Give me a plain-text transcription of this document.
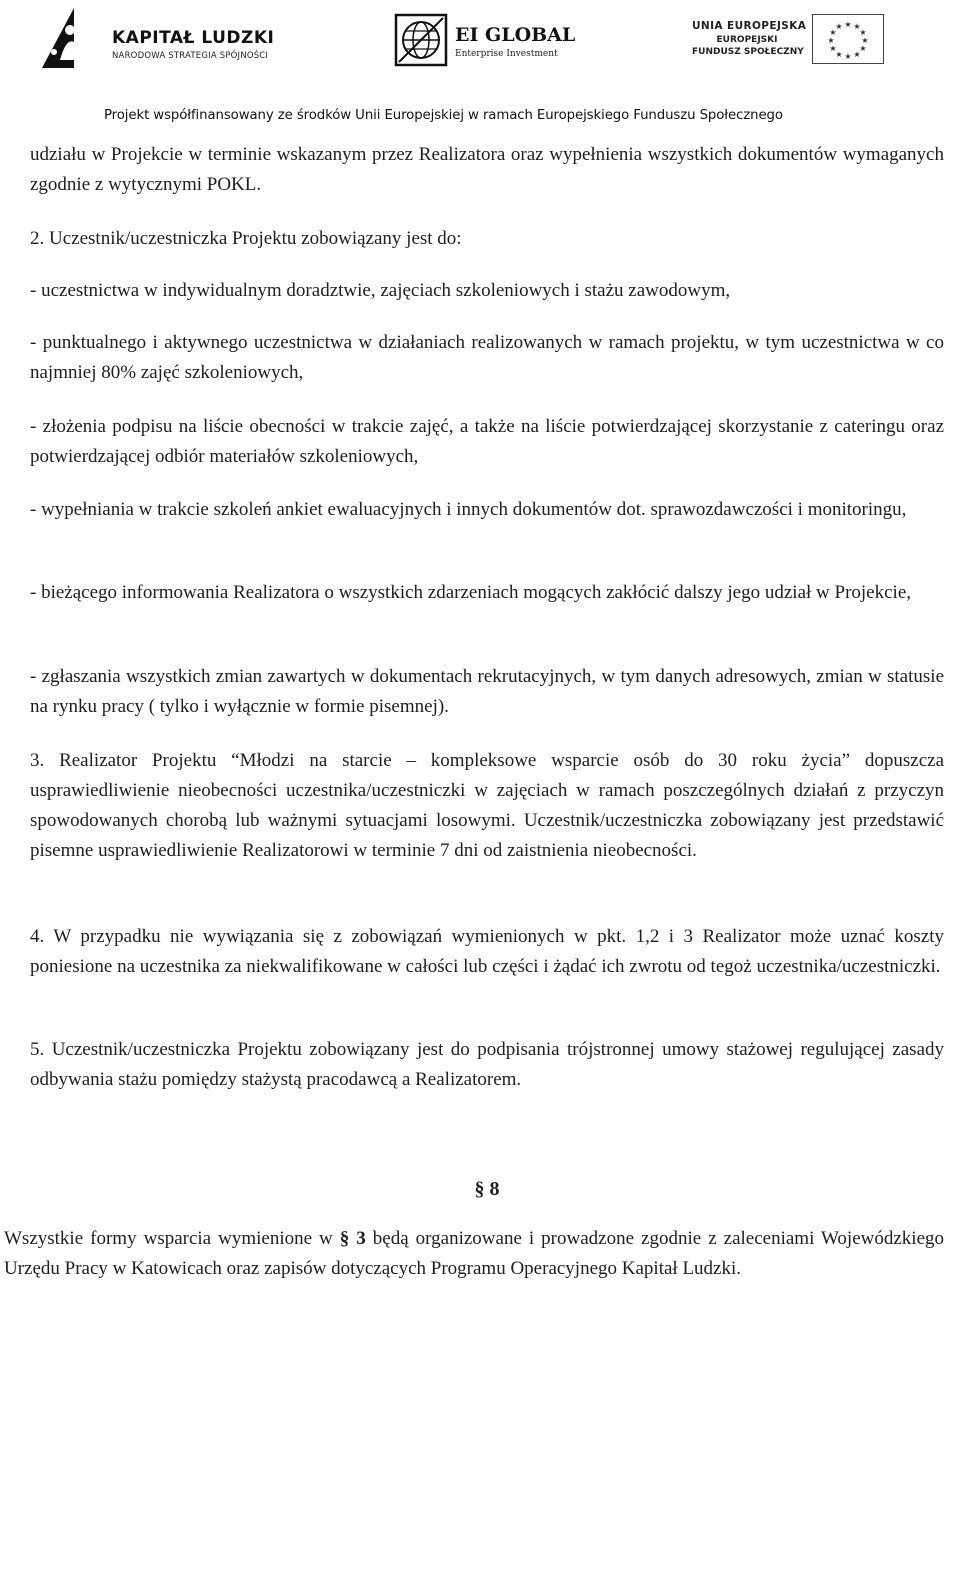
KAPITAŁ LUDZKI
NARODOWA STRATEGIA SPÓJNOŚCI
EI GLOBAL
Enterprise Investment
UNIA EUROPEJSKA
EUROPEJSKI
FUNDUSZ SPOŁECZNY
★ ★
★
★
★
★
★
★
★
★
★
★
Projekt współfinansowany ze środków Unii Europejskiej w ramach Europejskiego Funduszu Społecznego
udziału w Projekcie w terminie wskazanym przez Realizatora oraz wypełnienia wszystkich dokumentów wymaganych zgodnie z wytycznymi POKL.
2. Uczestnik/uczestniczka Projektu zobowiązany jest do:
- uczestnictwa w indywidualnym doradztwie, zajęciach szkoleniowych i stażu zawodowym,
- punktualnego i aktywnego uczestnictwa w działaniach realizowanych w ramach projektu, w tym uczestnictwa w co najmniej 80% zajęć szkoleniowych,
- złożenia podpisu na liście obecności w trakcie zajęć, a także na liście potwierdzającej skorzystanie z cateringu oraz potwierdzającej odbiór materiałów szkoleniowych,
- wypełniania w trakcie szkoleń ankiet ewaluacyjnych i innych dokumentów dot. sprawozdawczości i monitoringu,
- bieżącego informowania Realizatora o wszystkich zdarzeniach mogących zakłócić dalszy jego udział w Projekcie,
- zgłaszania wszystkich zmian zawartych w dokumentach rekrutacyjnych, w tym danych adresowych, zmian w statusie na rynku pracy ( tylko i wyłącznie w formie pisemnej).
3. Realizator Projektu “Młodzi na starcie – kompleksowe wsparcie osób do 30 roku życia” dopuszcza usprawiedliwienie nieobecności uczestnika/uczestniczki w zajęciach w ramach poszczególnych działań z przyczyn spowodowanych chorobą lub ważnymi sytuacjami losowymi. Uczestnik/uczestniczka zobowiązany jest przedstawić pisemne usprawiedliwienie Realizatorowi w terminie 7 dni od zaistnienia nieobecności.
4. W przypadku nie wywiązania się z zobowiązań wymienionych w pkt. 1,2 i 3 Realizator może uznać koszty poniesione na uczestnika za niekwalifikowane w całości lub części i żądać ich zwrotu od tegoż uczestnika/uczestniczki.
5. Uczestnik/uczestniczka Projektu zobowiązany jest do podpisania trójstronnej umowy stażowej regulującej zasady odbywania stażu pomiędzy stażystą pracodawcą a Realizatorem.
§ 8
Wszystkie formy wsparcia wymienione w § 3 będą organizowane i prowadzone zgodnie z zaleceniami Wojewódzkiego Urzędu Pracy w Katowicach oraz zapisów dotyczących Programu Operacyjnego Kapitał Ludzki.
